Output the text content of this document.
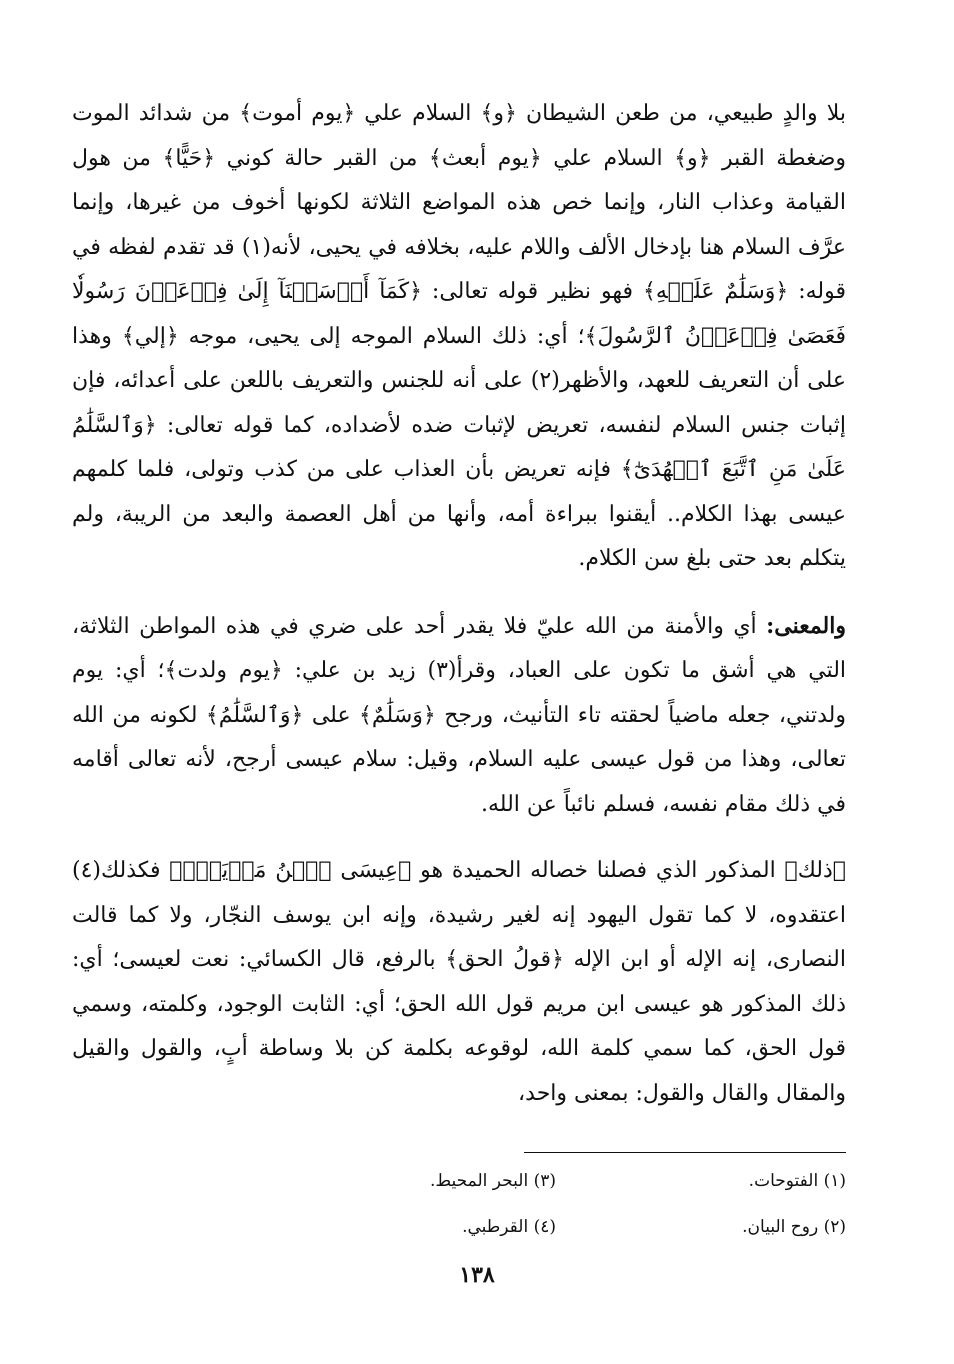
بلا والدٍ طبيعي، من طعن الشيطان ﴿و﴾ السلام علي ﴿يوم أموت﴾ من شدائد الموت وضغطة القبر ﴿و﴾ السلام علي ﴿يوم أبعث﴾ من القبر حالة كوني ﴿حَيًّا﴾ من هول القيامة وعذاب النار، وإنما خص هذه المواضع الثلاثة لكونها أخوف من غيرها، وإنما عرَّف السلام هنا بإدخال الألف واللام عليه، بخلافه في يحيى، لأنه(١) قد تقدم لفظه في قوله: ﴿وَسَلَٰمٌ عَلَيۡهِ﴾ فهو نظير قوله تعالى: ﴿كَمَآ أَرۡسَلۡنَآ إِلَىٰ فِرۡعَوۡنَ رَسُولٗا فَعَصَىٰ فِرۡعَوۡنُ ٱلرَّسُولَ﴾؛ أي: ذلك السلام الموجه إلى يحيى، موجه ﴿إلي﴾ وهذا على أن التعريف للعهد، والأظهر(٢) على أنه للجنس والتعريف باللعن على أعدائه، فإن إثبات جنس السلام لنفسه، تعريض لإثبات ضده لأضداده، كما قوله تعالى: ﴿وَٱلسَّلَٰمُ عَلَىٰ مَنِ ٱتَّبَعَ ٱلۡهُدَىٰٓ﴾ فإنه تعريض بأن العذاب على من كذب وتولى، فلما كلمهم عيسى بهذا الكلام.. أيقنوا ببراءة أمه، وأنها من أهل العصمة والبعد من الريبة، ولم يتكلم بعد حتى بلغ سن الكلام.

والمعنى: أي والأمنة من الله عليّ فلا يقدر أحد على ضري في هذه المواطن الثلاثة، التي هي أشق ما تكون على العباد، وقرأ(٣) زيد بن علي: ﴿يوم ولدت﴾؛ أي: يوم ولدتني، جعله ماضياً لحقته تاء التأنيث، ورجح ﴿وَسَلَٰمٌ﴾ على ﴿وَٱلسَّلَٰمُ﴾ لكونه من الله تعالى، وهذا من قول عيسى عليه السلام، وقيل: سلام عيسى أرجح، لأنه تعالى أقامه في ذلك مقام نفسه، فسلم نائباً عن الله.

﴿ذلك﴾ المذكور الذي فصلنا خصاله الحميدة هو ﴿عِيسَى ٱبۡنُ مَرۡيَمَۖ﴾ فكذلك(٤) اعتقدوه، لا كما تقول اليهود إنه لغير رشيدة، وإنه ابن يوسف النجّار، ولا كما قالت النصارى، إنه الإله أو ابن الإله ﴿قولُ الحق﴾ بالرفع، قال الكسائي: نعت لعيسى؛ أي: ذلك المذكور هو عيسى ابن مريم قول الله الحق؛ أي: الثابت الوجود، وكلمته، وسمي قول الحق، كما سمي كلمة الله، لوقوعه بكلمة كن بلا وساطة أبٍ، والقول والقيل والمقال والقال والقول: بمعنى واحد،

(١) الفتوحات.
(٣) البحر المحيط.
(٢) روح البيان.
(٤) القرطبي.
١٣٨
